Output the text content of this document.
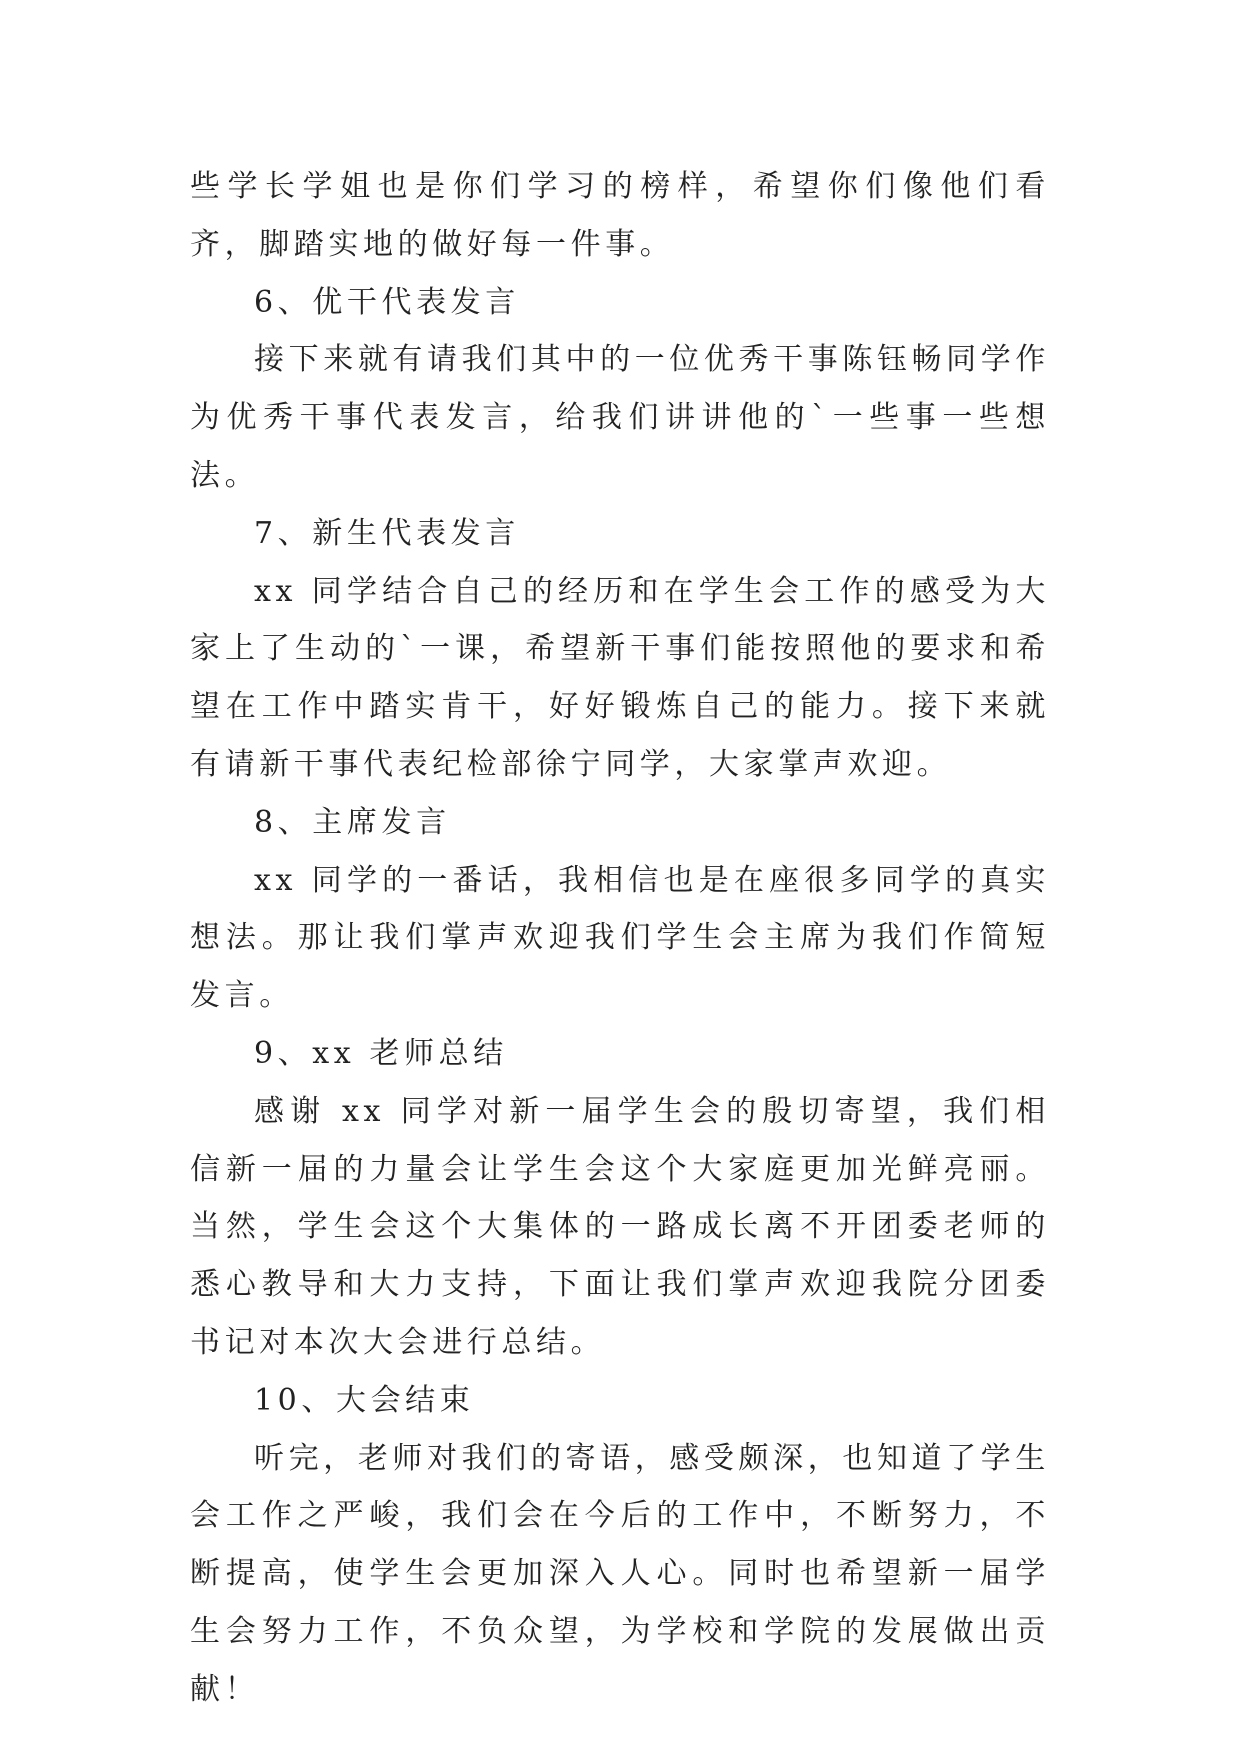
些学长学姐也是你们学习的榜样，希望你们像他们看齐，脚踏实地的做好每一件事。

6、优干代表发言

接下来就有请我们其中的一位优秀干事陈钰畅同学作为优秀干事代表发言，给我们讲讲他的`一些事一些想法。

7、新生代表发言

xx 同学结合自己的经历和在学生会工作的感受为大家上了生动的`一课，希望新干事们能按照他的要求和希望在工作中踏实肯干，好好锻炼自己的能力。接下来就有请新干事代表纪检部徐宁同学，大家掌声欢迎。

8、主席发言

xx 同学的一番话，我相信也是在座很多同学的真实想法。那让我们掌声欢迎我们学生会主席为我们作简短发言。

9、xx 老师总结

感谢 xx 同学对新一届学生会的殷切寄望，我们相信新一届的力量会让学生会这个大家庭更加光鲜亮丽。当然，学生会这个大集体的一路成长离不开团委老师的悉心教导和大力支持，下面让我们掌声欢迎我院分团委书记对本次大会进行总结。

10、大会结束

听完，老师对我们的寄语，感受颇深，也知道了学生会工作之严峻，我们会在今后的工作中，不断努力，不断提高，使学生会更加深入人心。同时也希望新一届学生会努力工作，不负众望，为学校和学院的发展做出贡献！
